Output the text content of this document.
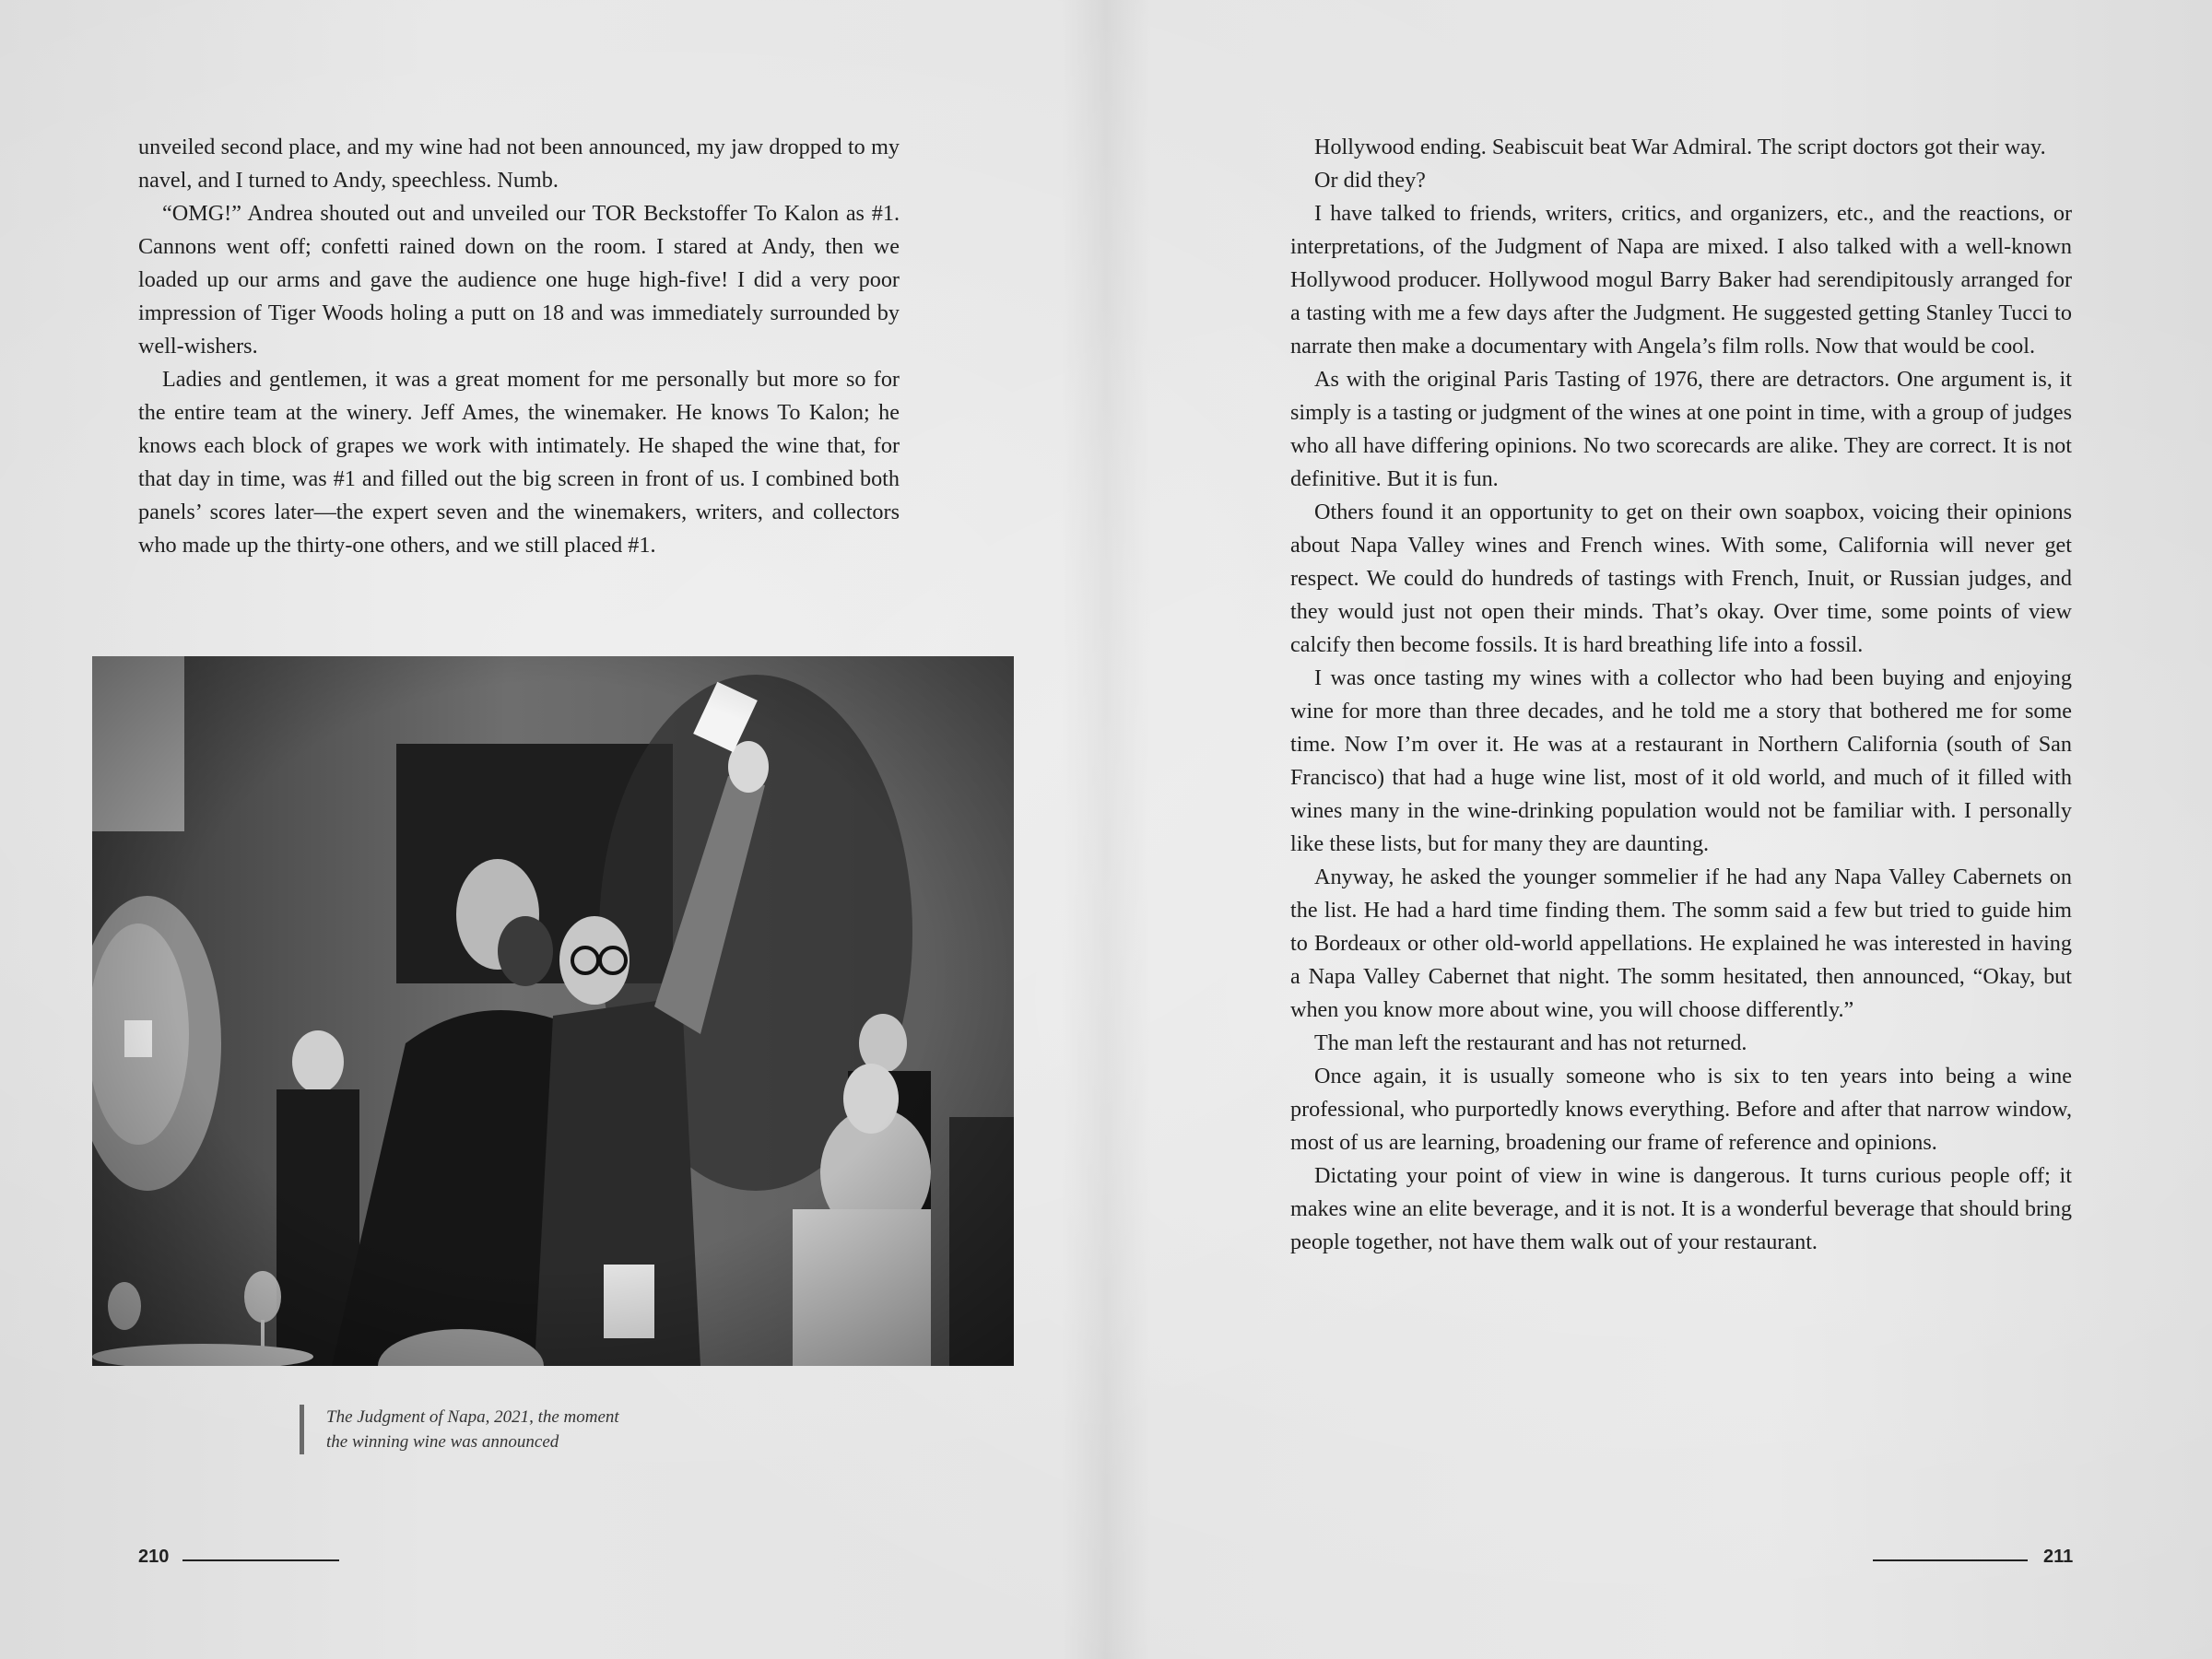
unveiled second place, and my wine had not been announced, my jaw dropped to my navel, and I turned to Andy, speechless. Numb.

“OMG!” Andrea shouted out and unveiled our TOR Beckstoffer To Kalon as #1. Cannons went off; confetti rained down on the room. I stared at Andy, then we loaded up our arms and gave the audience one huge high-five! I did a very poor impression of Tiger Woods holing a putt on 18 and was immediately surrounded by well-wishers.

Ladies and gentlemen, it was a great moment for me personally but more so for the entire team at the winery. Jeff Ames, the winemaker. He knows To Kalon; he knows each block of grapes we work with intimately. He shaped the wine that, for that day in time, was #1 and filled out the big screen in front of us. I combined both panels’ scores later—the expert seven and the winemakers, writers, and collectors who made up the thirty-one others, and we still placed #1.

The Judgment of Napa, 2021, the moment

the winning wine was announced

210

Hollywood ending. Seabiscuit beat War Admiral. The script doctors got their way.

Or did they?

I have talked to friends, writers, critics, and organizers, etc., and the reactions, or interpretations, of the Judgment of Napa are mixed. I also talked with a well-known Hollywood producer. Hollywood mogul Barry Baker had serendipitously arranged for a tasting with me a few days after the Judgment. He suggested getting Stanley Tucci to narrate then make a documentary with Angela’s film rolls. Now that would be cool.

As with the original Paris Tasting of 1976, there are detractors. One argument is, it simply is a tasting or judgment of the wines at one point in time, with a group of judges who all have differing opinions. No two scorecards are alike. They are correct. It is not definitive. But it is fun.

Others found it an opportunity to get on their own soapbox, voicing their opinions about Napa Valley wines and French wines. With some, California will never get respect. We could do hundreds of tastings with French, Inuit, or Russian judges, and they would just not open their minds. That’s okay. Over time, some points of view calcify then become fossils. It is hard breathing life into a fossil.

I was once tasting my wines with a collector who had been buying and enjoying wine for more than three decades, and he told me a story that bothered me for some time. Now I’m over it. He was at a restaurant in Northern California (south of San Francisco) that had a huge wine list, most of it old world, and much of it filled with wines many in the wine-drinking population would not be familiar with. I personally like these lists, but for many they are daunting.

Anyway, he asked the younger sommelier if he had any Napa Valley Cabernets on the list. He had a hard time finding them. The somm said a few but tried to guide him to Bordeaux or other old-world appellations. He explained he was interested in having a Napa Valley Cabernet that night. The somm hesitated, then announced, “Okay, but when you know more about wine, you will choose differently.”

The man left the restaurant and has not returned.

Once again, it is usually someone who is six to ten years into being a wine professional, who purportedly knows everything. Before and after that narrow window, most of us are learning, broadening our frame of reference and opinions.

Dictating your point of view in wine is dangerous. It turns curious people off; it makes wine an elite beverage, and it is not. It is a wonderful beverage that should bring people together, not have them walk out of your restaurant.

211
